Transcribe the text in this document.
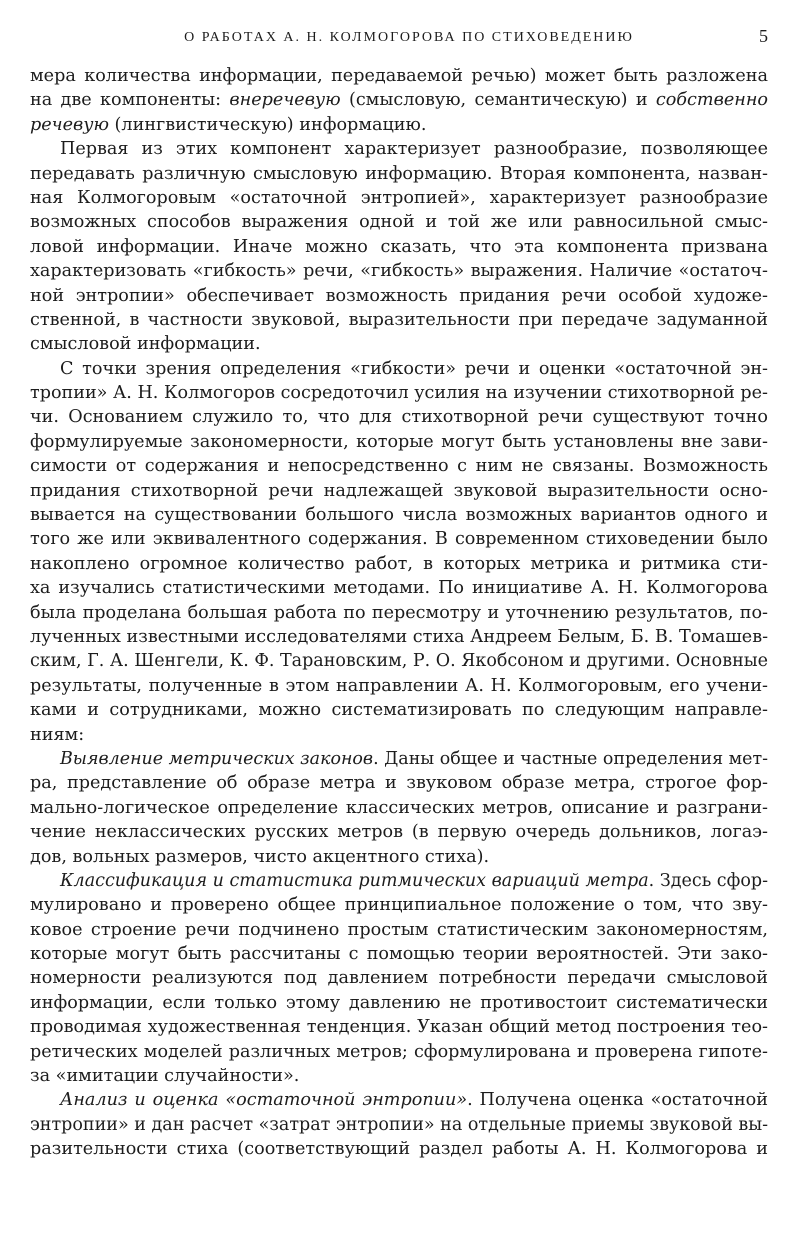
О РАБОТАХ А. Н. КОЛМОГОРОВА ПО СТИХОВЕДЕНИЮ	5
мера количества информации, передаваемой речью) может быть разложена
на две компоненты: внеречевую (смысловую, семантическую) и собственно
речевую (лингвистическую) информацию.
Первая из этих компонент характеризует разнообразие, позволяющее
передавать различную смысловую информацию. Вторая компонента, назван-
ная Колмогоровым «остаточной энтропией», характеризует разнообразие
возможных способов выражения одной и той же или равносильной смыс-
ловой информации. Иначе можно сказать, что эта компонента призвана
характеризовать «гибкость» речи, «гибкость» выражения. Наличие «остаточ-
ной энтропии» обеспечивает возможность придания речи особой художе-
ственной, в частности звуковой, выразительности при передаче задуманной
смысловой информации.
С точки зрения определения «гибкости» речи и оценки «остаточной эн-
тропии» А. Н. Колмогоров сосредоточил усилия на изучении стихотворной ре-
чи. Основанием служило то, что для стихотворной речи существуют точно
формулируемые закономерности, которые могут быть установлены вне зави-
симости от содержания и непосредственно с ним не связаны. Возможность
придания стихотворной речи надлежащей звуковой выразительности осно-
вывается на существовании большого числа возможных вариантов одного и
того же или эквивалентного содержания. В современном стиховедении было
накоплено огромное количество работ, в которых метрика и ритмика сти-
ха изучались статистическими методами. По инициативе А. Н. Колмогорова
была проделана большая работа по пересмотру и уточнению результатов, по-
лученных известными исследователями стиха Андреем Белым, Б. В. Томашев-
ским, Г. А. Шенгели, К. Ф. Тарановским, Р. О. Якобсоном и другими. Основные
результаты, полученные в этом направлении А. Н. Колмогоровым, его учени-
ками и сотрудниками, можно систематизировать по следующим направле-
ниям:
Выявление метрических законов. Даны общее и частные определения мет-
ра, представление об образе метра и звуковом образе метра, строгое фор-
мально-логическое определение классических метров, описание и разграни-
чение неклассических русских метров (в первую очередь дольников, логаэ-
дов, вольных размеров, чисто акцентного стиха).
Классификация и статистика ритмических вариаций метра. Здесь сфор-
мулировано и проверено общее принципиальное положение о том, что зву-
ковое строение речи подчинено простым статистическим закономерностям,
которые могут быть рассчитаны с помощью теории вероятностей. Эти зако-
номерности реализуются под давлением потребности передачи смысловой
информации, если только этому давлению не противостоит систематически
проводимая художественная тенденция. Указан общий метод построения тео-
ретических моделей различных метров; сформулирована и проверена гипоте-
за «имитации случайности».
Анализ и оценка «остаточной энтропии». Получена оценка «остаточной
энтропии» и дан расчет «затрат энтропии» на отдельные приемы звуковой вы-
разительности стиха (соответствующий раздел работы А. Н. Колмогорова и
